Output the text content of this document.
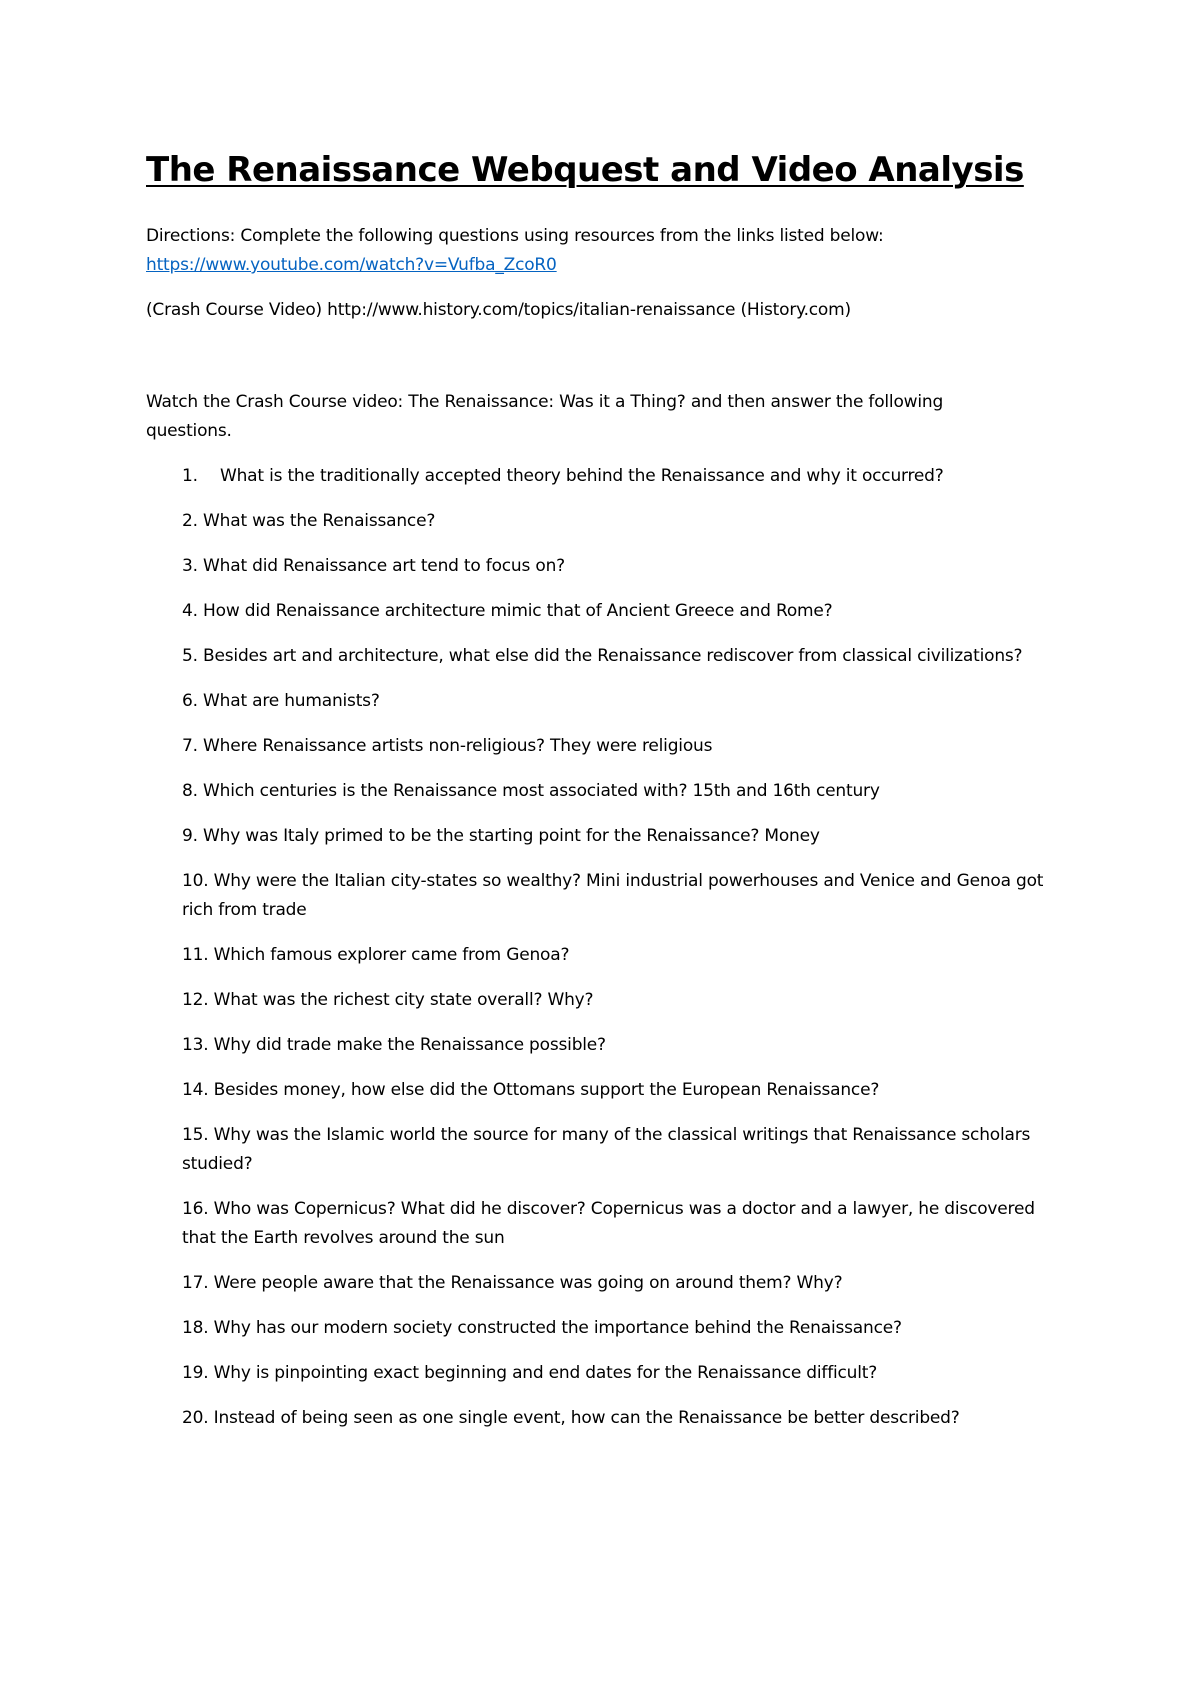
The Renaissance Webquest and Video Analysis
Directions: Complete the following questions using resources from the links listed below:
https://www.youtube.com/watch?v=Vufba_ZcoR0
(Crash Course Video) http://www.history.com/topics/italian-renaissance (History.com)
Watch the Crash Course video: The Renaissance: Was it a Thing? and then answer the following
questions.
1. What is the traditionally accepted theory behind the Renaissance and why it occurred?
2. What was the Renaissance?
3. What did Renaissance art tend to focus on?
4. How did Renaissance architecture mimic that of Ancient Greece and Rome?
5. Besides art and architecture, what else did the Renaissance rediscover from classical civilizations?
6. What are humanists?
7. Where Renaissance artists non-religious? They were religious
8. Which centuries is the Renaissance most associated with? 15th and 16th century
9. Why was Italy primed to be the starting point for the Renaissance? Money
10. Why were the Italian city-states so wealthy? Mini industrial powerhouses and Venice and Genoa got rich from trade
11. Which famous explorer came from Genoa?
12. What was the richest city state overall? Why?
13. Why did trade make the Renaissance possible?
14. Besides money, how else did the Ottomans support the European Renaissance?
15. Why was the Islamic world the source for many of the classical writings that Renaissance scholars studied?
16. Who was Copernicus? What did he discover? Copernicus was a doctor and a lawyer, he discovered that the Earth revolves around the sun
17. Were people aware that the Renaissance was going on around them? Why?
18. Why has our modern society constructed the importance behind the Renaissance?
19. Why is pinpointing exact beginning and end dates for the Renaissance difficult?
20. Instead of being seen as one single event, how can the Renaissance be better described?
